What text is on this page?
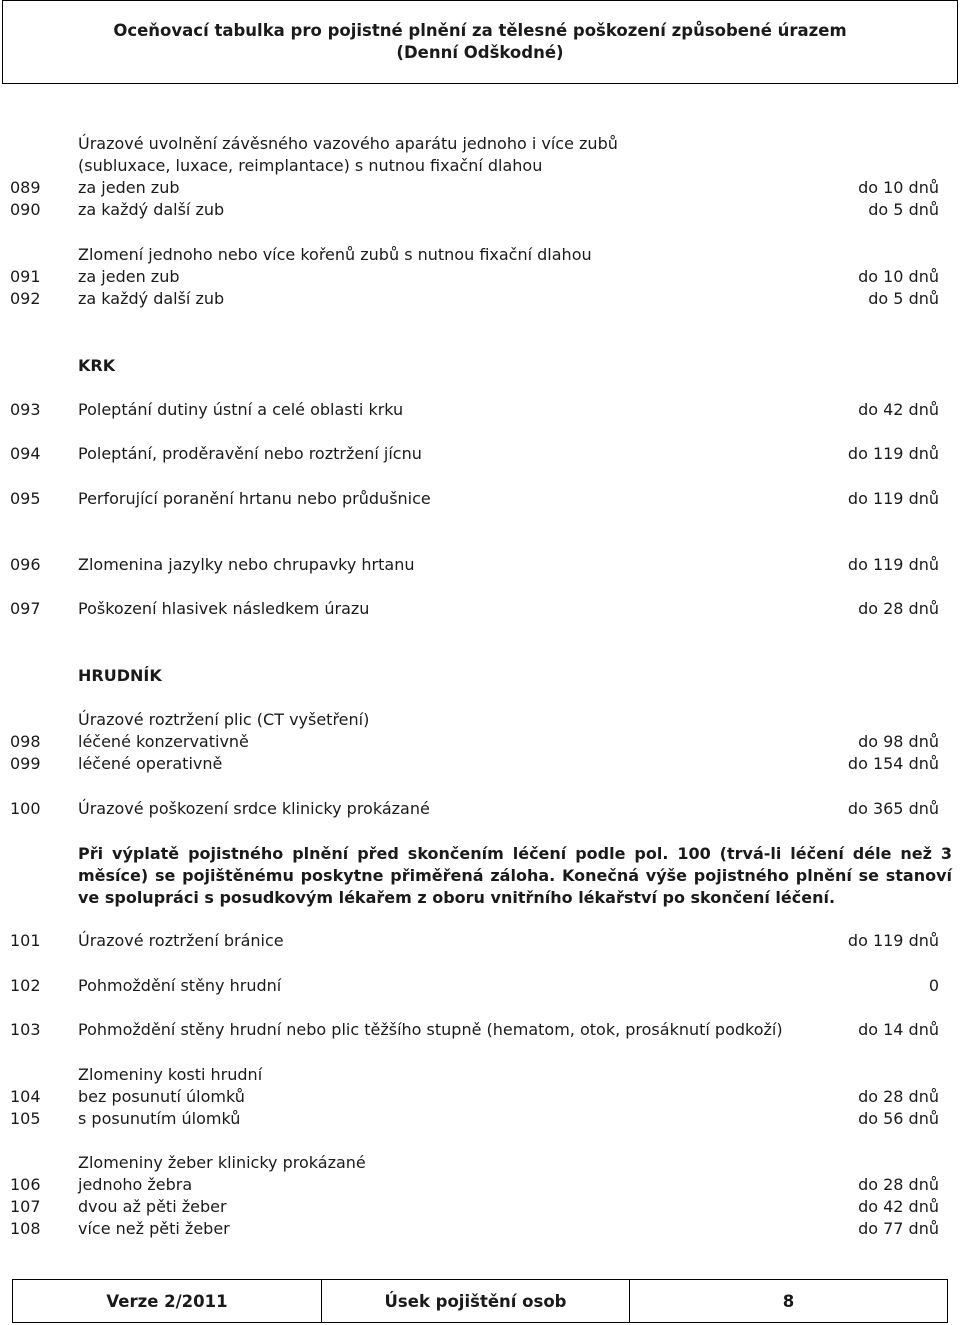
Oceňovací tabulka pro pojistné plnění za tělesné poškození způsobené úrazem
(Denní Odškodné)
Úrazové uvolnění závěsného vazového aparátu jednoho i více zubů
(subluxace, luxace, reimplantace) s nutnou fixační dlahou
089 za jeden zub	do 10 dnů
090 za každý další zub	do 5 dnů
Zlomení jednoho nebo více kořenů zubů s nutnou fixační dlahou
091 za jeden zub	do 10 dnů
092 za každý další zub	do 5 dnů
KRK
093 Poleptání dutiny ústní a celé oblasti krku	do 42 dnů
094 Poleptání, proděravění nebo roztržení jícnu	do 119 dnů
095 Perforující poranění hrtanu nebo průdušnice	do 119 dnů
096 Zlomenina jazylky nebo chrupavky hrtanu	do 119 dnů
097 Poškození hlasivek následkem úrazu	do 28 dnů
HRUDNÍK
Úrazové roztržení plic (CT vyšetření)
098 léčené konzervativně	do 98 dnů
099 léčené operativně	do 154 dnů
100 Úrazové poškození srdce klinicky prokázané	do 365 dnů
Při výplatě pojistného plnění před skončením léčení podle pol. 100 (trvá-li léčení déle než 3 měsíce) se pojištěnému poskytne přiměřená záloha. Konečná výše pojistného plnění se stanoví ve spolupráci s posudkovým lékařem z oboru vnitřního lékařství po skončení léčení.
101 Úrazové roztržení bránice	do 119 dnů
102 Pohmoždění stěny hrudní	0
103 Pohmoždění stěny hrudní nebo plic těžšího stupně (hematom, otok, prosáknutí podkoží)	do 14 dnů
Zlomeniny kosti hrudní
104 bez posunutí úlomků	do 28 dnů
105 s posunutím úlomků	do 56 dnů
Zlomeniny žeber klinicky prokázané
106 jednoho žebra	do 28 dnů
107 dvou až pěti žeber	do 42 dnů
108 více než pěti žeber	do 77 dnů
Verze 2/2011	Úsek pojištění osob	8
